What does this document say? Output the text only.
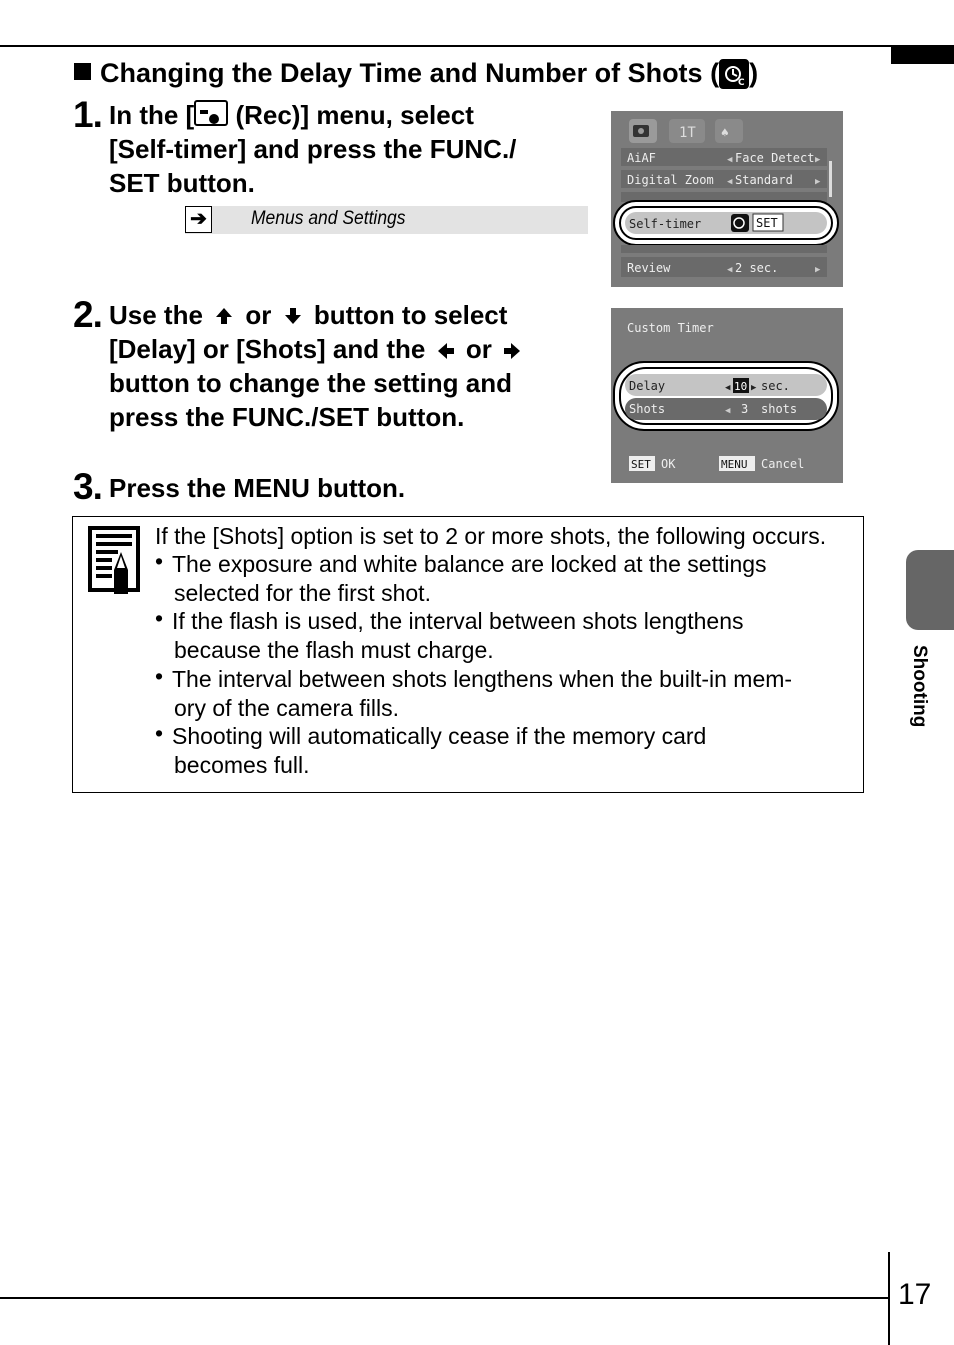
17
Shooting
Changing the Delay Time and Number of Shots ( C )
1. In the [ (Rec)] menu, select
[Self-timer] and press the FUNC./
SET button.
➔ Menus and Settings
1T ♠
AiAF	Face Detect
◀	▶
Digital Zoom Standard
◀	▶
Self-timer	SET
Review	2 sec.
◀	▶
2. Use the or button to select
[Delay] or [Shots] and the or
button to change the setting and
press the FUNC./SET button.
Custom Timer
Delay	◀ 10 ▶ sec.
Shots	◀ 3 shots
SET OK	MENU Cancel
3. Press the MENU button.
If the [Shots] option is set to 2 or more shots, the following occurs.
• The exposure and white balance are locked at the settings
selected for the first shot.
• If the flash is used, the interval between shots lengthens
because the flash must charge.
• The interval between shots lengthens when the built-in mem-
ory of the camera fills.
• Shooting will automatically cease if the memory card
becomes full.
